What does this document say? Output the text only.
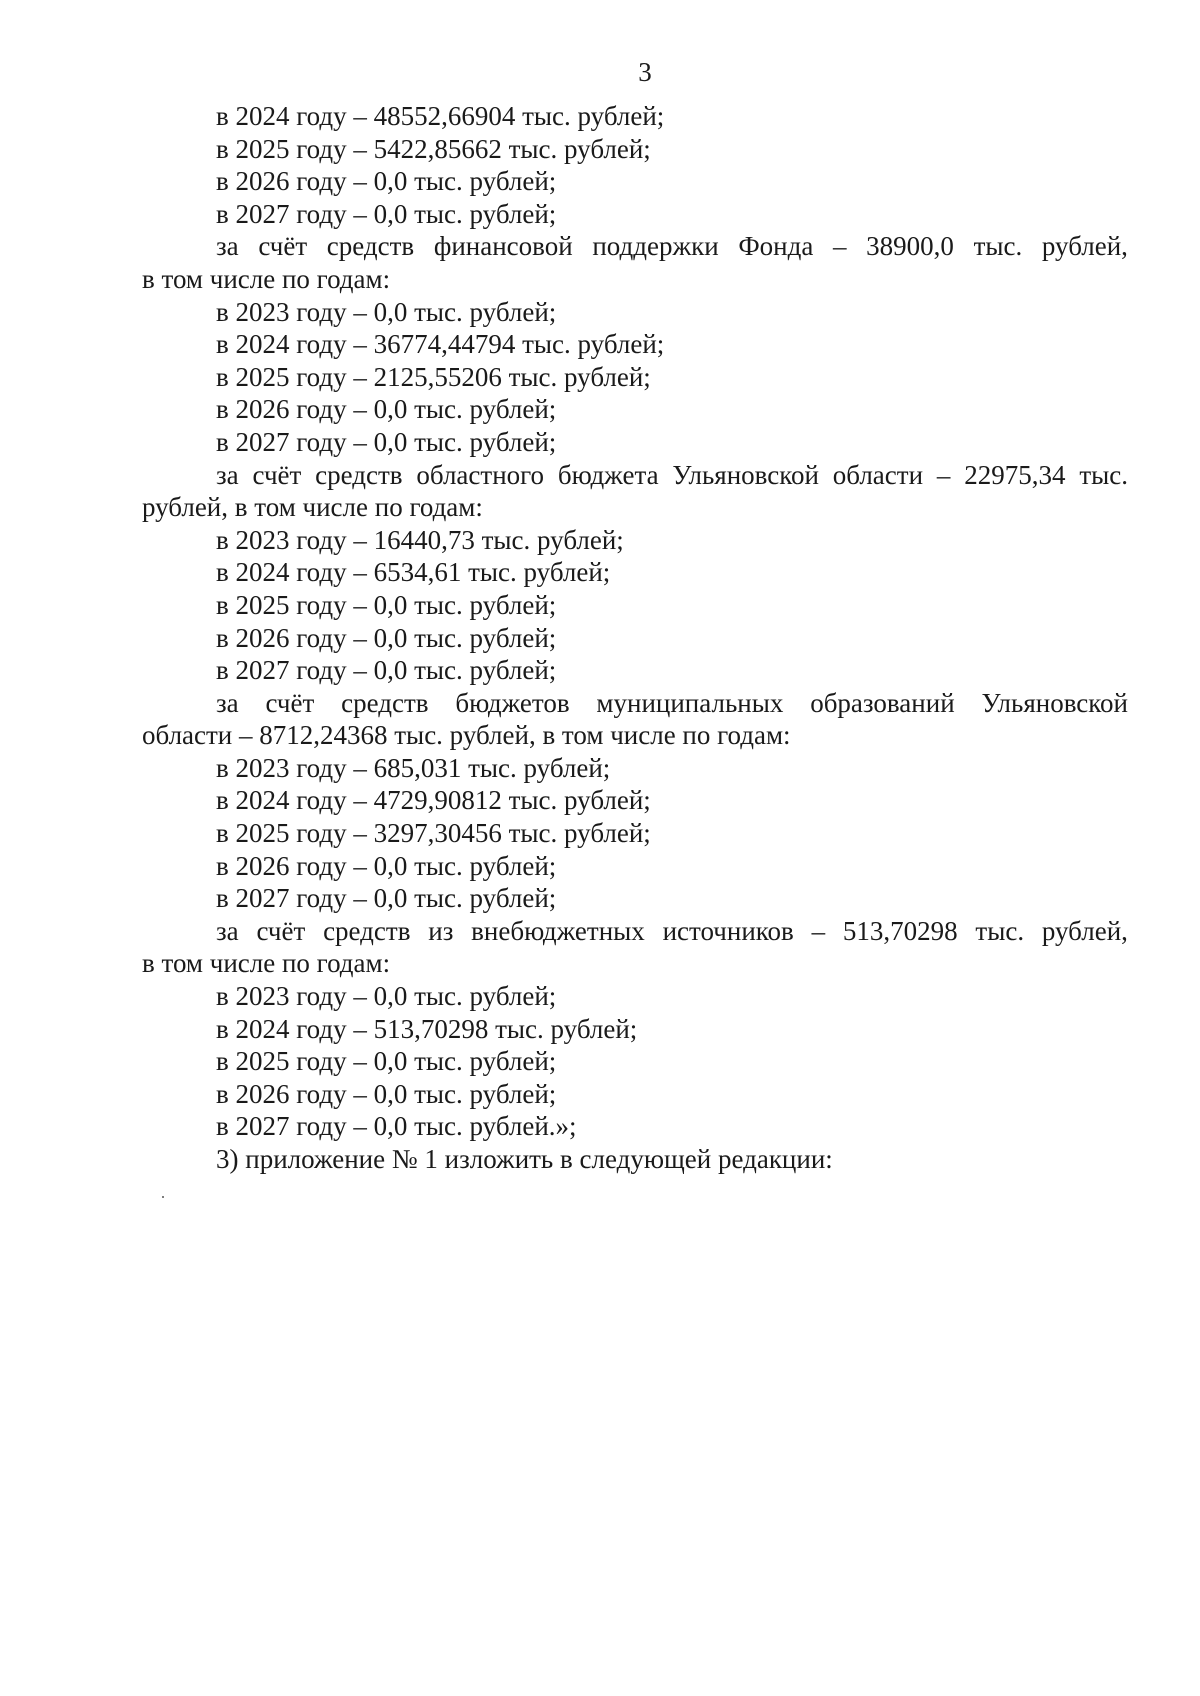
3
в 2024 году – 48552,66904 тыс. рублей;
в 2025 году – 5422,85662 тыс. рублей;
в 2026 году – 0,0 тыс. рублей;
в 2027 году – 0,0 тыс. рублей;
за счёт средств финансовой поддержки Фонда – 38900,0 тыс. рублей,
в том числе по годам:
в 2023 году – 0,0 тыс. рублей;
в 2024 году – 36774,44794 тыс. рублей;
в 2025 году – 2125,55206 тыс. рублей;
в 2026 году – 0,0 тыс. рублей;
в 2027 году – 0,0 тыс. рублей;
за счёт средств областного бюджета Ульяновской области – 22975,34 тыс.
рублей, в том числе по годам:
в 2023 году – 16440,73 тыс. рублей;
в 2024 году – 6534,61 тыс. рублей;
в 2025 году – 0,0 тыс. рублей;
в 2026 году – 0,0 тыс. рублей;
в 2027 году – 0,0 тыс. рублей;
за счёт средств бюджетов муниципальных образований Ульяновской
области – 8712,24368 тыс. рублей, в том числе по годам:
в 2023 году – 685,031 тыс. рублей;
в 2024 году – 4729,90812 тыс. рублей;
в 2025 году – 3297,30456 тыс. рублей;
в 2026 году – 0,0 тыс. рублей;
в 2027 году – 0,0 тыс. рублей;
за счёт средств из внебюджетных источников – 513,70298 тыс. рублей,
в том числе по годам:
в 2023 году – 0,0 тыс. рублей;
в 2024 году – 513,70298 тыс. рублей;
в 2025 году – 0,0 тыс. рублей;
в 2026 году – 0,0 тыс. рублей;
в 2027 году – 0,0 тыс. рублей.»;
3) приложение № 1 изложить в следующей редакции:
